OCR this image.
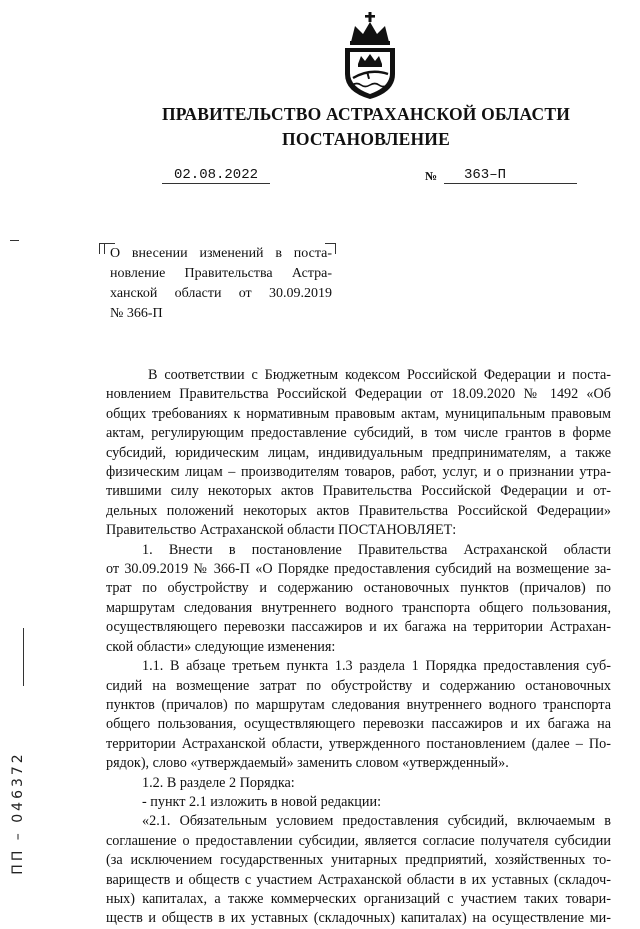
ПРАВИТЕЛЬСТВО АСТРАХАНСКОЙ ОБЛАСТИ
ПОСТАНОВЛЕНИЕ
02.08.2022	№	363–П

О внесении изменений в поста-
новление Правительства Астра-
ханской области от 30.09.2019
№ 366-П

В соответствии с Бюджетным кодексом Российской Федерации и поста-
новлением Правительства Российской Федерации от 18.09.2020 № 1492 «Об
общих требованиях к нормативным правовым актам, муниципальным правовым
актам, регулирующим предоставление субсидий, в том числе грантов в форме
субсидий, юридическим лицам, индивидуальным предпринимателям, а также
физическим лицам – производителям товаров, работ, услуг, и о признании утра-
тившими силу некоторых актов Правительства Российской Федерации и от-
дельных положений некоторых актов Правительства Российской Федерации»
Правительство Астраханской области ПОСТАНОВЛЯЕТ:
1. Внести в постановление Правительства Астраханской области
от 30.09.2019 № 366-П «О Порядке предоставления субсидий на возмещение за-
трат по обустройству и содержанию остановочных пунктов (причалов) по
маршрутам следования внутреннего водного транспорта общего пользования,
осуществляющего перевозки пассажиров и их багажа на территории Астрахан-
ской области» следующие изменения:
1.1. В абзаце третьем пункта 1.3 раздела 1 Порядка предоставления суб-
сидий на возмещение затрат по обустройству и содержанию остановочных
пунктов (причалов) по маршрутам следования внутреннего водного транспорта
общего пользования, осуществляющего перевозки пассажиров и их багажа на
территории Астраханской области, утвержденного постановлением (далее – По-
рядок), слово «утверждаемый» заменить словом «утвержденный».
1.2. В разделе 2 Порядка:
- пункт 2.1 изложить в новой редакции:
«2.1. Обязательным условием предоставления субсидий, включаемым в
соглашение о предоставлении субсидии, является согласие получателя субсидии
(за исключением государственных унитарных предприятий, хозяйственных то-
вариществ и обществ с участием Астраханской области в их уставных (складоч-
ных) капиталах, а также коммерческих организаций с участием таких товари-
ществ и обществ в их уставных (складочных) капиталах) на осуществление ми-
ПП – 046372
